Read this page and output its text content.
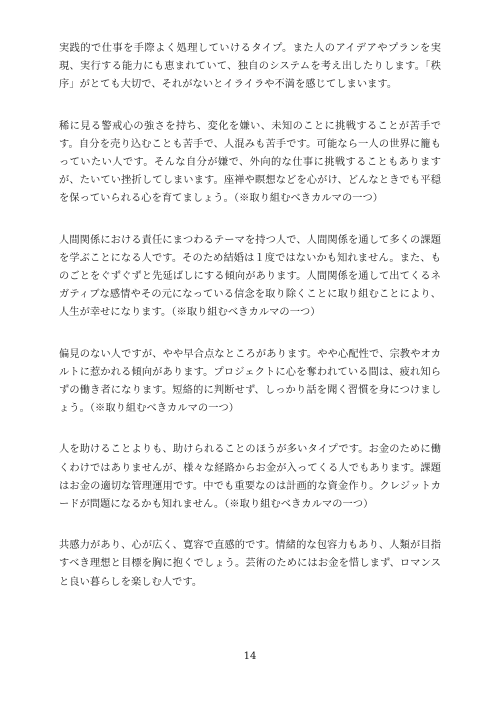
実践的で仕事を手際よく処理していけるタイプ。また人のアイデアやプランを実現、実行する能力にも恵まれていて、独自のシステムを考え出したりします。「秩序」がとても大切で、それがないとイライラや不満を感じてしまいます。

稀に見る警戒心の強さを持ち、変化を嫌い、未知のことに挑戦することが苦手です。自分を売り込むことも苦手で、人混みも苦手です。可能なら一人の世界に籠もっていたい人です。そんな自分が嫌で、外向的な仕事に挑戦することもありますが、たいてい挫折してしまいます。座禅や瞑想などを心がけ、どんなときでも平穏を保っていられる心を育てましょう。（※取り組むべきカルマの一つ）

人間関係における責任にまつわるテーマを持つ人で、人間関係を通して多くの課題を学ぶことになる人です。そのため結婚は１度ではないかも知れません。また、ものごとをぐずぐずと先延ばしにする傾向があります。人間関係を通して出てくるネガティブな感情やその元になっている信念を取り除くことに取り組むことにより、人生が幸せになります。（※取り組むべきカルマの一つ）

偏見のない人ですが、やや早合点なところがあります。やや心配性で、宗教やオカルトに惹かれる傾向があります。プロジェクトに心を奪われている間は、疲れ知らずの働き者になります。短絡的に判断せず、しっかり話を聞く習慣を身につけましょう。（※取り組むべきカルマの一つ）

人を助けることよりも、助けられることのほうが多いタイプです。お金のために働くわけではありませんが、様々な経路からお金が入ってくる人でもあります。課題はお金の適切な管理運用です。中でも重要なのは計画的な資金作り。クレジットカードが問題になるかも知れません。（※取り組むべきカルマの一つ）

共感力があり、心が広く、寛容で直感的です。情緒的な包容力もあり、人類が目指すべき理想と目標を胸に抱くでしょう。芸術のためにはお金を惜しまず、ロマンスと良い暮らしを楽しむ人です。

14
